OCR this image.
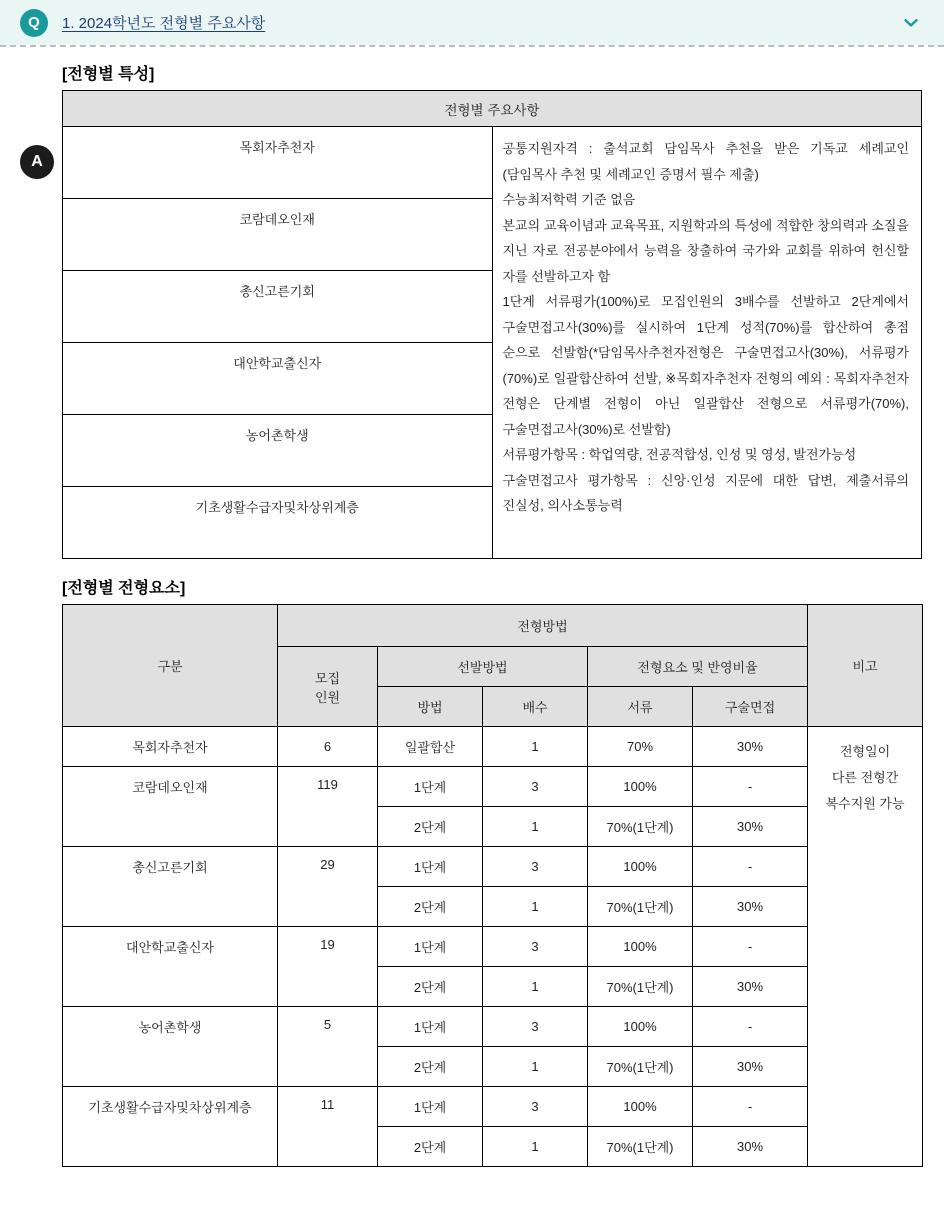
Q	1. 2024학년도 전형별 주요사항
A
[전형별 특성]
전형별 주요사항
목회자추천자	공통지원자격 : 출석교회 담임목사 추천을 받은 기독교 세례교인(담임목사 추천 및 세례교인 증명서 필수 제출)

수능최저학력 기준 없음

본교의 교육이념과 교육목표, 지원학과의 특성에 적합한 창의력과 소질을 지닌 자로 전공분야에서 능력을 창출하여 국가와 교회를 위하여 헌신할 자를 선발하고자 함

1단계 서류평가(100%)로 모집인원의 3배수를 선발하고 2단계에서 구술면접고사(30%)를 실시하여 1단계 성적(70%)를 합산하여 총점 순으로 선발함(*담임목사추천자전형은 구술면접고사(30%), 서류평가(70%)로 일괄합산하여 선발, ※목회자추천자 전형의 예외 : 목회자추천자 전형은 단계별 전형이 아닌 일괄합산 전형으로 서류평가(70%), 구술면접고사(30%)로 선발함)

서류평가항목 : 학업역량, 전공적합성, 인성 및 영성, 발전가능성

구술면접고사 평가항목 : 신앙·인성 지문에 대한 답변, 제출서류의 진실성, 의사소통능력

코람데오인재
총신고른기회
대안학교출신자
농어촌학생
기초생활수급자및차상위계층
[전형별 전형요소]
구분	전형방법					비고

	모집
인원	선발방법		전형요소 및 반영비율		
		방법	배수	서류	구술면접	
목회자추천자	6	일괄합산	1	70%	30%	전형일이
다른 전형간
복수지원 가능

코람데오인재	119	1단계	3	100%	-	
		2단계	1	70%(1단계)	30%	
총신고른기회	29	1단계	3	100%	-	
		2단계	1	70%(1단계)	30%	
대안학교출신자	19	1단계	3	100%	-	
		2단계	1	70%(1단계)	30%	
농어촌학생	5	1단계	3	100%	-	
		2단계	1	70%(1단계)	30%	
기초생활수급자및차상위계층	11	1단계	3	100%	-	
		2단계	1	70%(1단계)	30%	
